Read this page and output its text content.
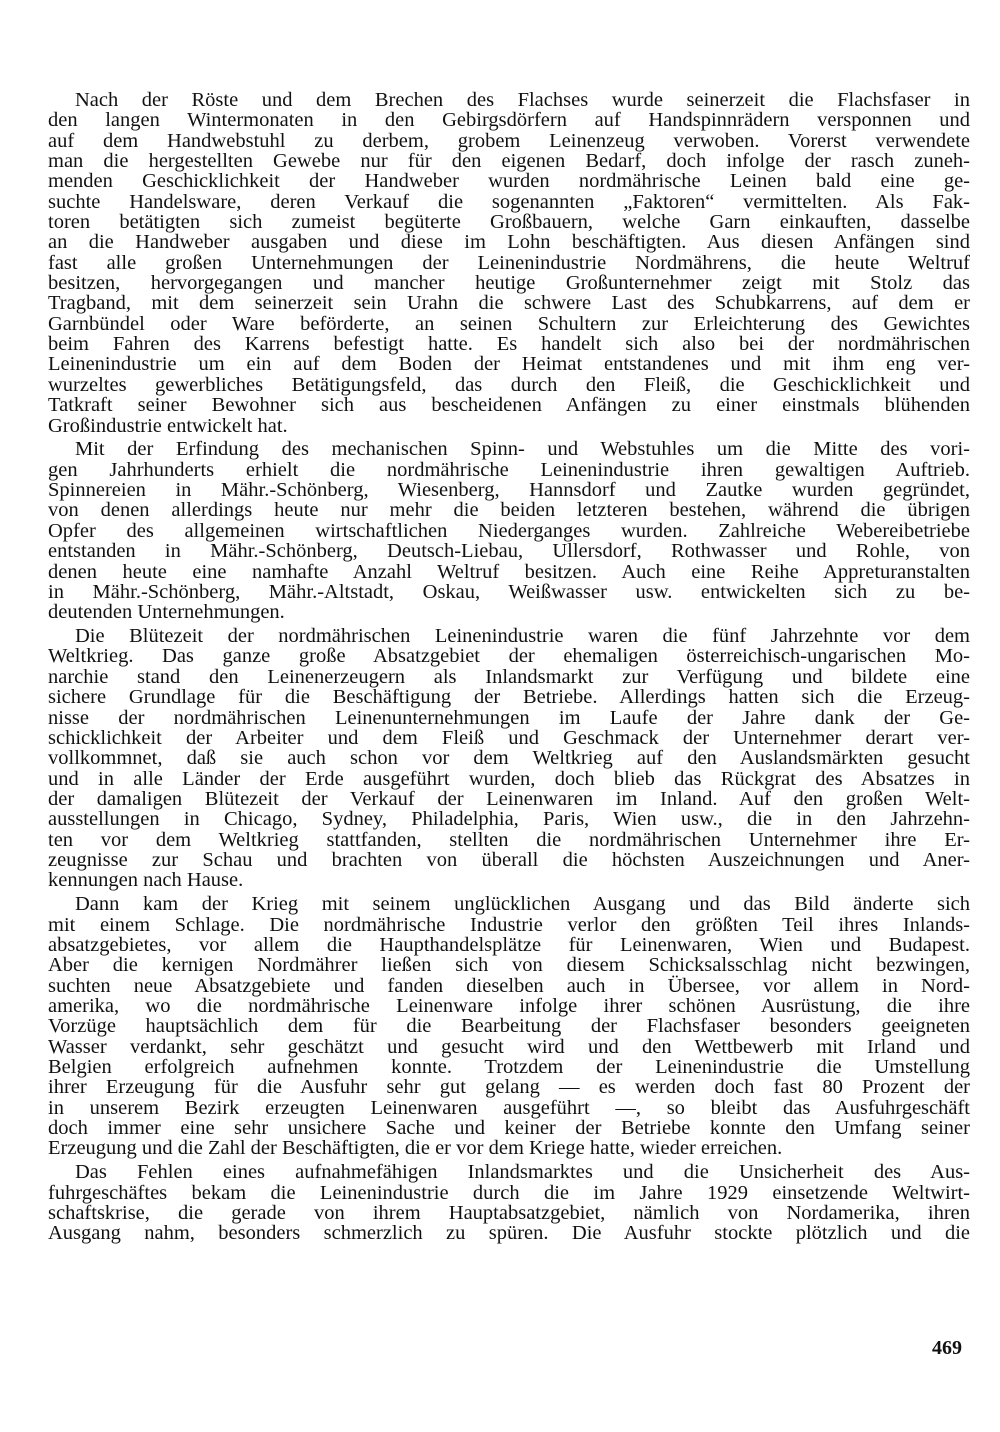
Nach der Röste und dem Brechen des Flachses wurde seinerzeit die Flachsfaser in
den langen Wintermonaten in den Gebirgsdörfern auf Handspinnrädern versponnen und
auf dem Handwebstuhl zu derbem, grobem Leinenzeug verwoben. Vorerst verwendete
man die hergestellten Gewebe nur für den eigenen Bedarf, doch infolge der rasch zuneh-
menden Geschicklichkeit der Handweber wurden nordmährische Leinen bald eine ge-
suchte Handelsware, deren Verkauf die sogenannten „Faktoren“ vermittelten. Als Fak-
toren betätigten sich zumeist begüterte Großbauern, welche Garn einkauften, dasselbe
an die Handweber ausgaben und diese im Lohn beschäftigten. Aus diesen Anfängen sind
fast alle großen Unternehmungen der Leinenindustrie Nordmährens, die heute Weltruf
besitzen, hervorgegangen und mancher heutige Großunternehmer zeigt mit Stolz das
Tragband, mit dem seinerzeit sein Urahn die schwere Last des Schubkarrens, auf dem er
Garnbündel oder Ware beförderte, an seinen Schultern zur Erleichterung des Gewichtes
beim Fahren des Karrens befestigt hatte. Es handelt sich also bei der nordmährischen
Leinenindustrie um ein auf dem Boden der Heimat entstandenes und mit ihm eng ver-
wurzeltes gewerbliches Betätigungsfeld, das durch den Fleiß, die Geschicklichkeit und
Tatkraft seiner Bewohner sich aus bescheidenen Anfängen zu einer einstmals blühenden
Großindustrie entwickelt hat.
Mit der Erfindung des mechanischen Spinn- und Webstuhles um die Mitte des vori-
gen Jahrhunderts erhielt die nordmährische Leinenindustrie ihren gewaltigen Auftrieb.
Spinnereien in Mähr.-Schönberg, Wiesenberg, Hannsdorf und Zautke wurden gegründet,
von denen allerdings heute nur mehr die beiden letzteren bestehen, während die übrigen
Opfer des allgemeinen wirtschaftlichen Niederganges wurden. Zahlreiche Webereibetriebe
entstanden in Mähr.-Schönberg, Deutsch-Liebau, Ullersdorf, Rothwasser und Rohle, von
denen heute eine namhafte Anzahl Weltruf besitzen. Auch eine Reihe Appreturanstalten
in Mähr.-Schönberg, Mähr.-Altstadt, Oskau, Weißwasser usw. entwickelten sich zu be-
deutenden Unternehmungen.
Die Blütezeit der nordmährischen Leinenindustrie waren die fünf Jahrzehnte vor dem
Weltkrieg. Das ganze große Absatzgebiet der ehemaligen österreichisch-ungarischen Mo-
narchie stand den Leinenerzeugern als Inlandsmarkt zur Verfügung und bildete eine
sichere Grundlage für die Beschäftigung der Betriebe. Allerdings hatten sich die Erzeug-
nisse der nordmährischen Leinenunternehmungen im Laufe der Jahre dank der Ge-
schicklichkeit der Arbeiter und dem Fleiß und Geschmack der Unternehmer derart ver-
vollkommnet, daß sie auch schon vor dem Weltkrieg auf den Auslandsmärkten gesucht
und in alle Länder der Erde ausgeführt wurden, doch blieb das Rückgrat des Absatzes in
der damaligen Blütezeit der Verkauf der Leinenwaren im Inland. Auf den großen Welt-
ausstellungen in Chicago, Sydney, Philadelphia, Paris, Wien usw., die in den Jahrzehn-
ten vor dem Weltkrieg stattfanden, stellten die nordmährischen Unternehmer ihre Er-
zeugnisse zur Schau und brachten von überall die höchsten Auszeichnungen und Aner-
kennungen nach Hause.
Dann kam der Krieg mit seinem unglücklichen Ausgang und das Bild änderte sich
mit einem Schlage. Die nordmährische Industrie verlor den größten Teil ihres Inlands-
absatzgebietes, vor allem die Haupthandelsplätze für Leinenwaren, Wien und Budapest.
Aber die kernigen Nordmährer ließen sich von diesem Schicksalsschlag nicht bezwingen,
suchten neue Absatzgebiete und fanden dieselben auch in Übersee, vor allem in Nord-
amerika, wo die nordmährische Leinenware infolge ihrer schönen Ausrüstung, die ihre
Vorzüge hauptsächlich dem für die Bearbeitung der Flachsfaser besonders geeigneten
Wasser verdankt, sehr geschätzt und gesucht wird und den Wettbewerb mit Irland und
Belgien erfolgreich aufnehmen konnte. Trotzdem der Leinenindustrie die Umstellung
ihrer Erzeugung für die Ausfuhr sehr gut gelang — es werden doch fast 80 Prozent der
in unserem Bezirk erzeugten Leinenwaren ausgeführt —, so bleibt das Ausfuhrgeschäft
doch immer eine sehr unsichere Sache und keiner der Betriebe konnte den Umfang seiner
Erzeugung und die Zahl der Beschäftigten, die er vor dem Kriege hatte, wieder erreichen.
Das Fehlen eines aufnahmefähigen Inlandsmarktes und die Unsicherheit des Aus-
fuhrgeschäftes bekam die Leinenindustrie durch die im Jahre 1929 einsetzende Weltwirt-
schaftskrise, die gerade von ihrem Hauptabsatzgebiet, nämlich von Nordamerika, ihren
Ausgang nahm, besonders schmerzlich zu spüren. Die Ausfuhr stockte plötzlich und die
469
